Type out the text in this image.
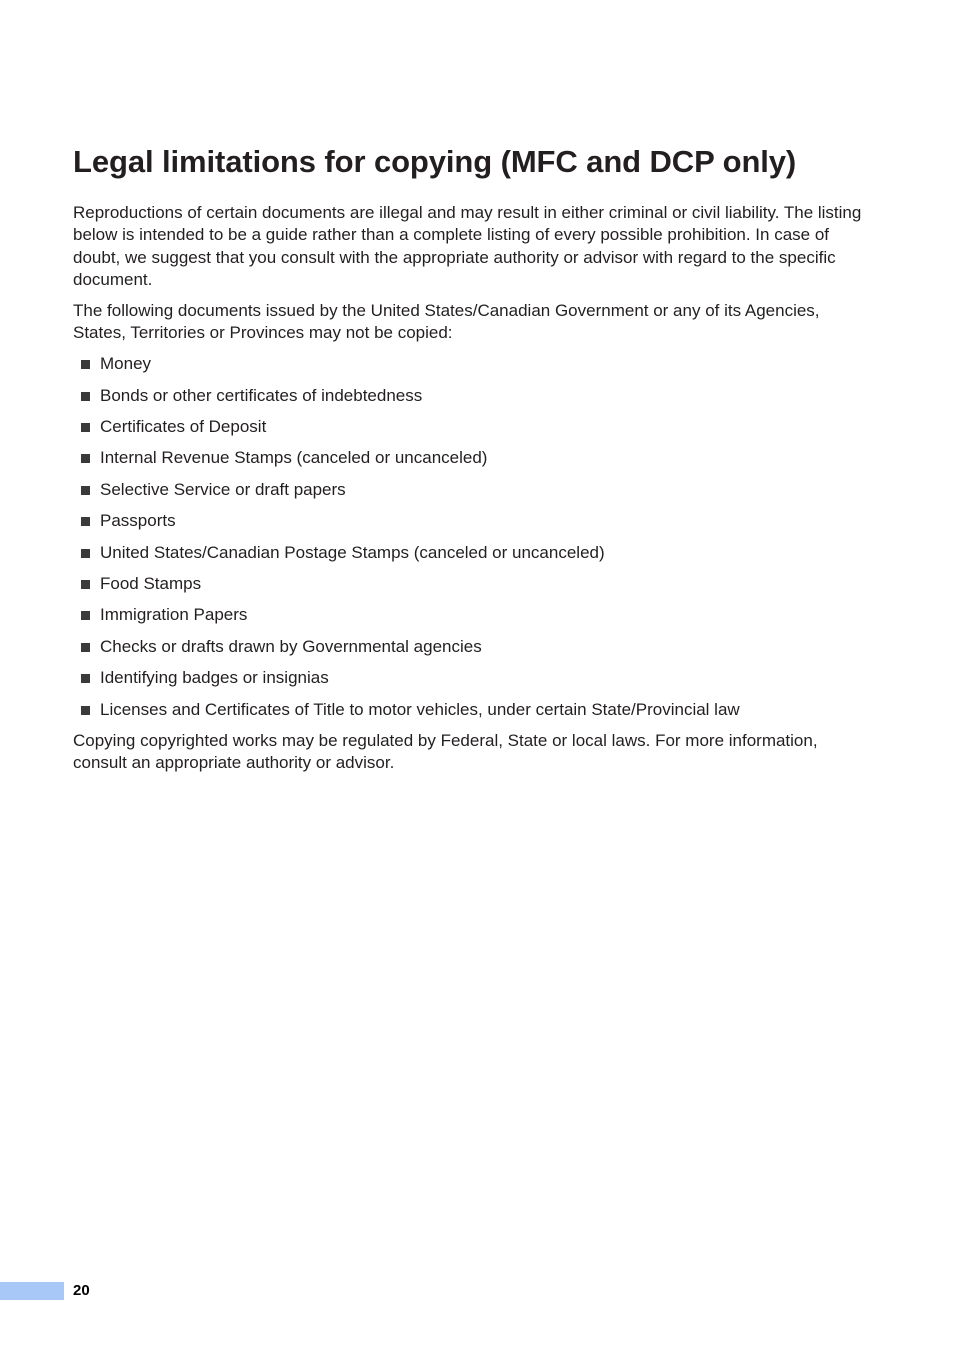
Legal limitations for copying (MFC and DCP only)

Reproductions of certain documents are illegal and may result in either criminal or civil liability. The listing below is intended to be a guide rather than a complete listing of every possible prohibition. In case of doubt, we suggest that you consult with the appropriate authority or advisor with regard to the specific document.

The following documents issued by the United States/Canadian Government or any of its Agencies, States, Territories or Provinces may not be copied:

Money
Bonds or other certificates of indebtedness
Certificates of Deposit
Internal Revenue Stamps (canceled or uncanceled)
Selective Service or draft papers
Passports
United States/Canadian Postage Stamps (canceled or uncanceled)
Food Stamps
Immigration Papers
Checks or drafts drawn by Governmental agencies
Identifying badges or insignias
Licenses and Certificates of Title to motor vehicles, under certain State/Provincial law

Copying copyrighted works may be regulated by Federal, State or local laws. For more information, consult an appropriate authority or advisor.

20
